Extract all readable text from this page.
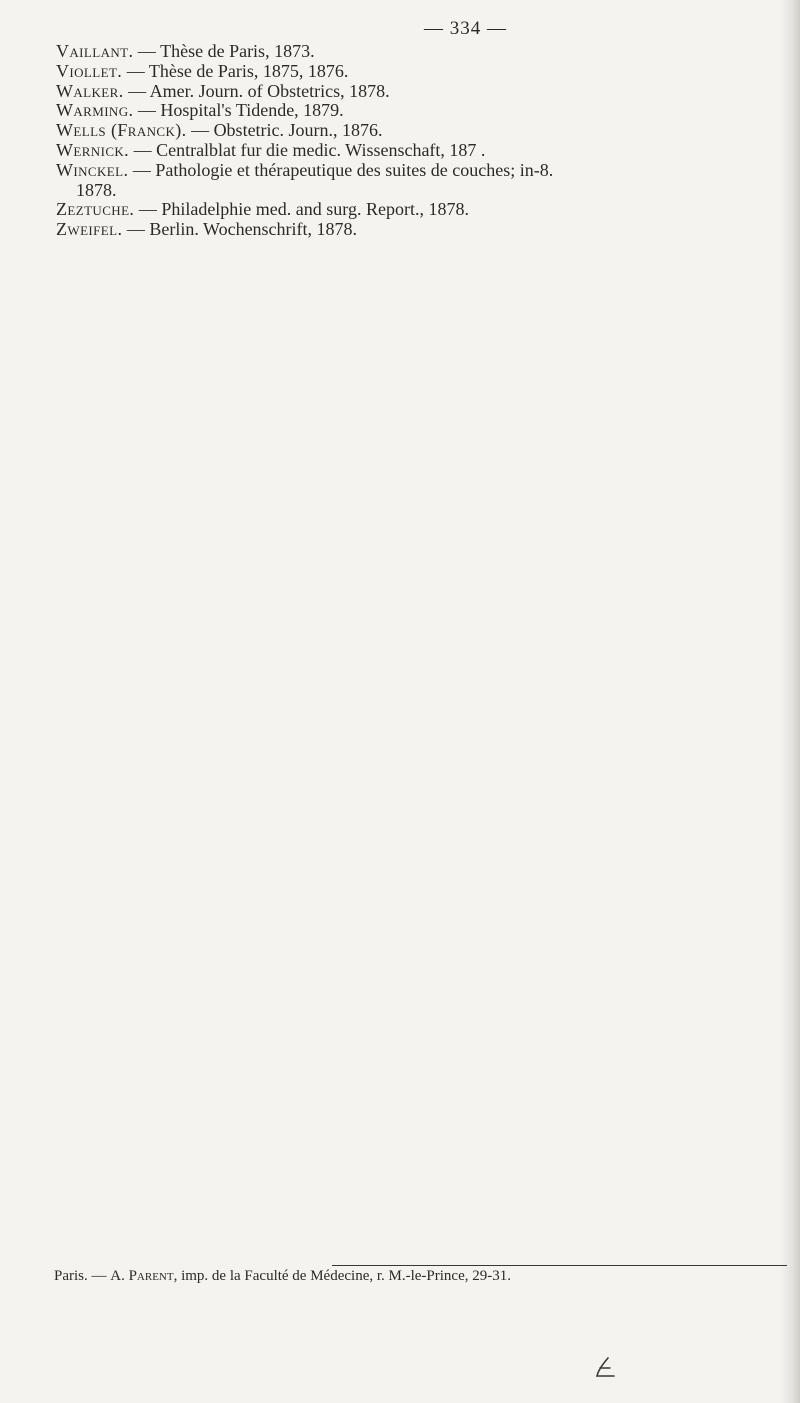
— 334 —
Vaillant. — Thèse de Paris, 1873.
Viollet. — Thèse de Paris, 1875, 1876.
Walker. — Amer. Journ. of Obstetrics, 1878.
Warming. — Hospital's Tidende, 1879.
Wells (Franck). — Obstetric. Journ., 1876.
Wernick. — Centralblat fur die medic. Wissenschaft, 187 .
Winckel. — Pathologie et thérapeutique des suites de couches; in-8.
1878.
Zeztuche. — Philadelphie med. and surg. Report., 1878.
Zweifel. — Berlin. Wochenschrift, 1878.
Paris. — A. Parent, imp. de la Faculté de Médecine, r. M.-le-Prince, 29-31.
